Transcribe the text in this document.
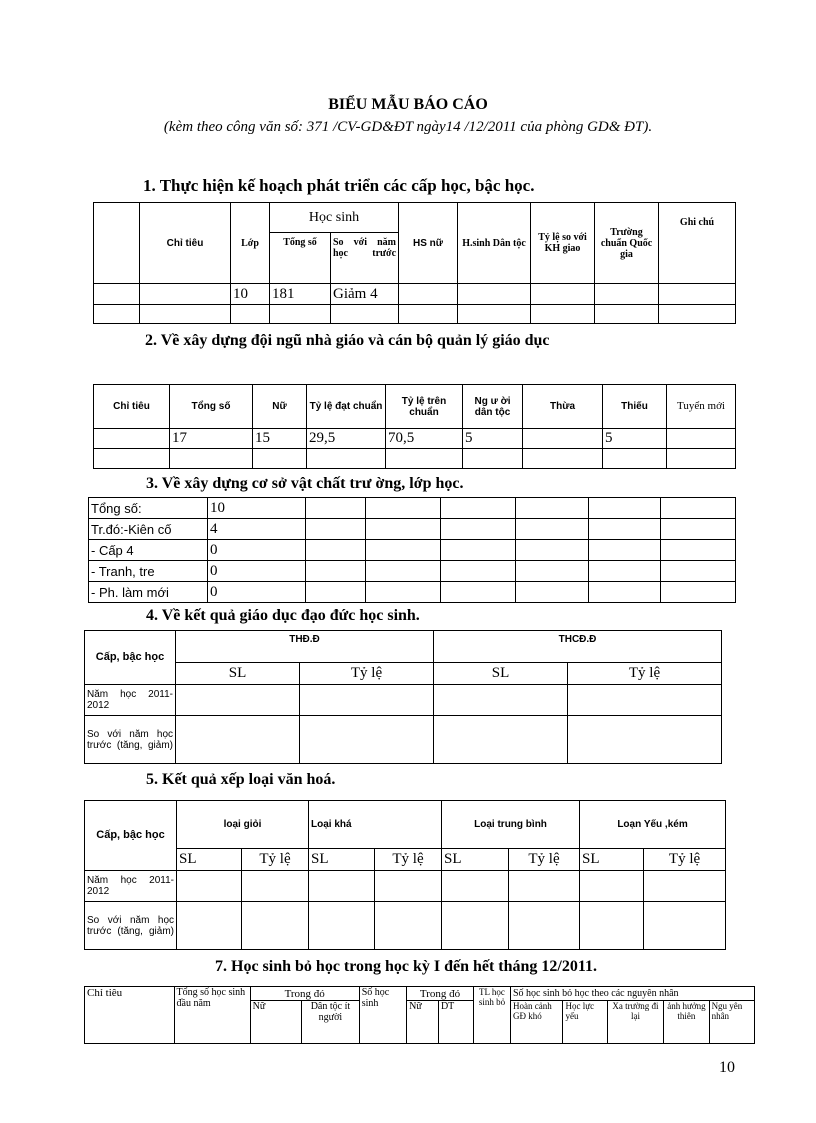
BIỂU MẪU BÁO CÁO
(kèm theo công văn số: 371 /CV-GD&ĐT ngày14 /12/2011 của phòng GD& ĐT).
1. Thực hiện kế hoạch phát triển các cấp học, bậc học.
	Chỉ tiêu	Lớp	Học sinh		HS nữ	H.sinh Dân tộc	Tỷ lệ so với KH giao	Trường chuẩn Quốc gia	Ghi chú
			Tổng số	So với năm học trước					
		10	181	Giảm 4					

2. Về xây dựng đội ngũ nhà giáo và cán bộ quản lý giáo dục
Chỉ tiêu	Tổng số	Nữ	Tỷ lệ đạt chuẩn	Tỷ lệ trên chuẩn	Ng ư ời dân tộc	Thừa	Thiếu	Tuyển mới
	17	15	29,5	70,5	5		5	

3. Về xây dựng cơ sở vật chất trư ờng, lớp học.
Tổng số:	10						
Tr.đó:-Kiên cố	4						
- Cấp 4	0						
- Tranh, tre	0						
- Ph. làm mới	0						
4. Về kết quả giáo dục đạo đức học sinh.
Cấp, bậc học	THĐ.Đ		THCĐ.Đ	
	SL	Tỷ lệ	SL	Tỷ lệ
Năm học 2011-2012				
So với năm học trước (tăng, giảm)				
5. Kết quả xếp loại văn hoá.
Cấp, bậc học	loại giỏi		Loại khá		Loại trung bình		Loạn Yếu ,kém	
	SL	Tỷ lệ	SL	Tỷ lệ	SL	Tỷ lệ	SL	Tỷ lệ
Năm học 2011-2012								
So với năm học trước (tăng, giảm)								
7. Học sinh bỏ học trong học kỳ I đến hết tháng 12/2011.
Chỉ tiêu	Tổng số học sinh đầu năm	Trong đó		Số học sinh	Trong đó		TL học sinh bỏ	Số học sinh bỏ học theo các nguyên nhân				
		Nữ	Dân tộc ít người		Nữ	DT		Hoàn cảnh GĐ khó	Học lực yếu	Xa trường đi lại	ảnh hưởng thiên	Ngu yên nhân
10
